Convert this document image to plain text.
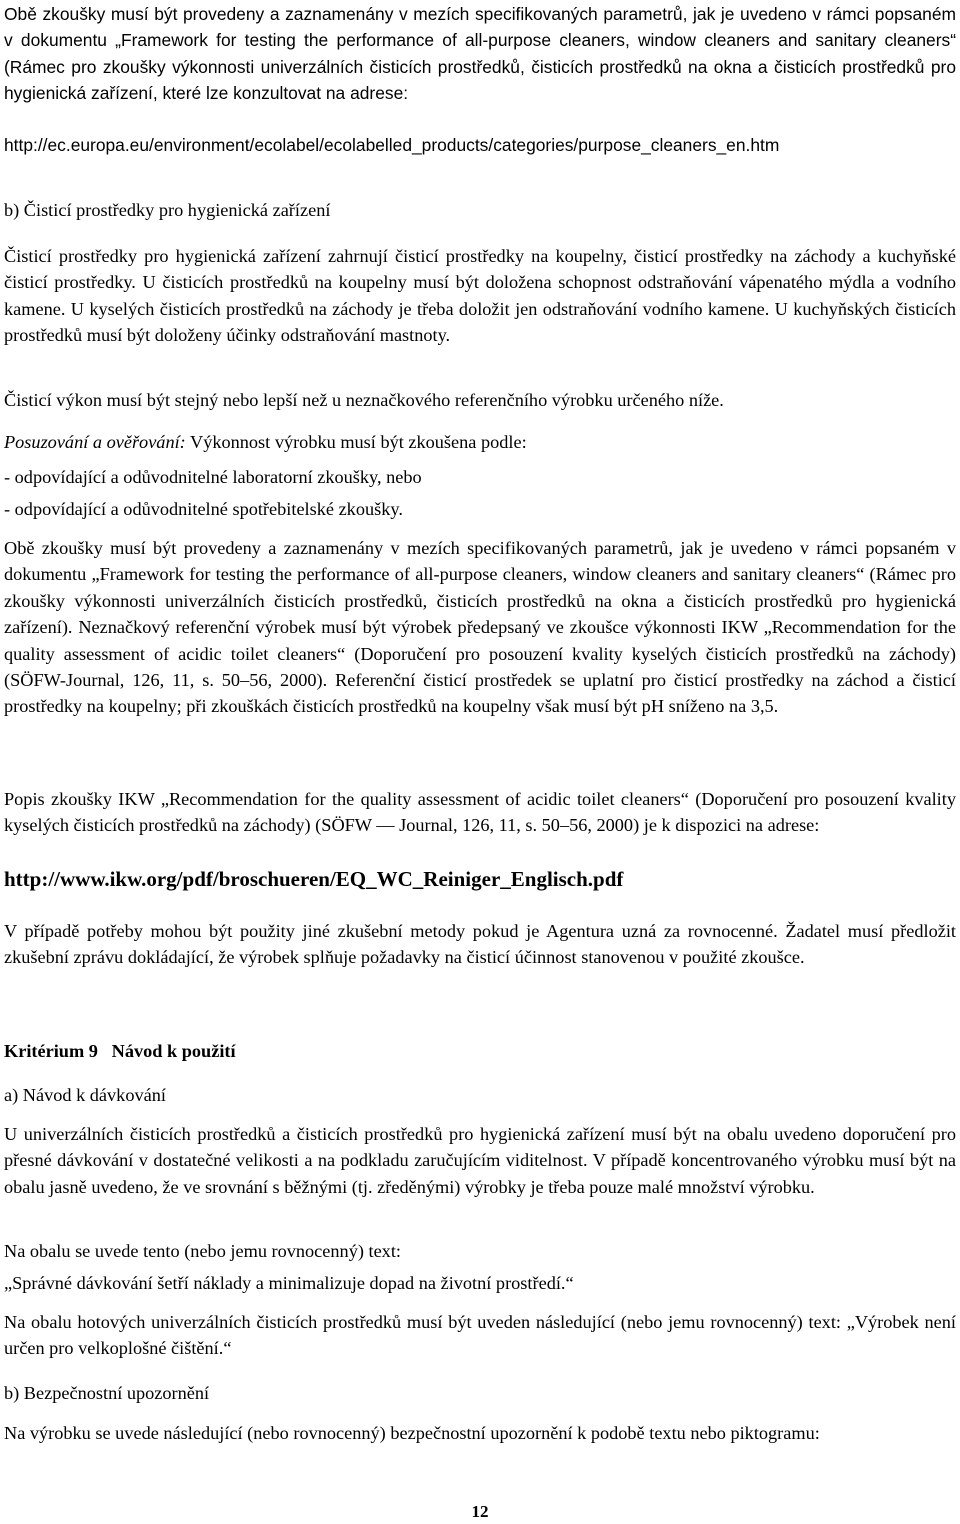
Obě zkoušky musí být provedeny a zaznamenány v mezích specifikovaných parametrů, jak je uvedeno v rámci popsaném v dokumentu „Framework for testing the performance of all-purpose cleaners, window cleaners and sanitary cleaners“ (Rámec pro zkoušky výkonnosti univerzálních čisticích prostředků, čisticích prostředků na okna a čisticích prostředků pro hygienická zařízení, které lze konzultovat na adrese:

http://ec.europa.eu/environment/ecolabel/ecolabelled_products/categories/purpose_cleaners_en.htm

b) Čisticí prostředky pro hygienická zařízení

Čisticí prostředky pro hygienická zařízení zahrnují čisticí prostředky na koupelny, čisticí prostředky na záchody a kuchyňské čisticí prostředky. U čisticích prostředků na koupelny musí být doložena schopnost odstraňování vápenatého mýdla a vodního kamene. U kyselých čisticích prostředků na záchody je třeba doložit jen odstraňování vodního kamene. U kuchyňských čisticích prostředků musí být doloženy účinky odstraňování mastnoty.

Čisticí výkon musí být stejný nebo lepší než u neznačkového referenčního výrobku určeného níže.

Posuzování a ověřování: Výkonnost výrobku musí být zkoušena podle:

- odpovídající a odůvodnitelné laboratorní zkoušky, nebo

- odpovídající a odůvodnitelné spotřebitelské zkoušky.

Obě zkoušky musí být provedeny a zaznamenány v mezích specifikovaných parametrů, jak je uvedeno v rámci popsaném v dokumentu „Framework for testing the performance of all-purpose cleaners, window cleaners and sanitary cleaners“ (Rámec pro zkoušky výkonnosti univerzálních čisticích prostředků, čisticích prostředků na okna a čisticích prostředků pro hygienická zařízení). Neznačkový referenční výrobek musí být výrobek předepsaný ve zkoušce výkonnosti IKW „Recommendation for the quality assessment of acidic toilet cleaners“ (Doporučení pro posouzení kvality kyselých čisticích prostředků na záchody) (SÖFW-Journal, 126, 11, s. 50–56, 2000). Referenční čisticí prostředek se uplatní pro čisticí prostředky na záchod a čisticí prostředky na koupelny; při zkouškách čisticích prostředků na koupelny však musí být pH sníženo na 3,5.

Popis zkoušky IKW „Recommendation for the quality assessment of acidic toilet cleaners“ (Doporučení pro posouzení kvality kyselých čisticích prostředků na záchody) (SÖFW — Journal, 126, 11, s. 50–56, 2000) je k dispozici na adrese:

http://www.ikw.org/pdf/broschueren/EQ_WC_Reiniger_Englisch.pdf

V případě potřeby mohou být použity jiné zkušební metody pokud je Agentura uzná za rovnocenné. Žadatel musí předložit zkušební zprávu dokládající, že výrobek splňuje požadavky na čisticí účinnost stanovenou v použité zkoušce.

Kritérium 9   Návod k použití

a) Návod k dávkování

U univerzálních čisticích prostředků a čisticích prostředků pro hygienická zařízení musí být na obalu uvedeno doporučení pro přesné dávkování v dostatečné velikosti a na podkladu zaručujícím viditelnost. V případě koncentrovaného výrobku musí být na obalu jasně uvedeno, že ve srovnání s běžnými (tj. zředěnými) výrobky je třeba pouze malé množství výrobku.

Na obalu se uvede tento (nebo jemu rovnocenný) text:

„Správné dávkování šetří náklady a minimalizuje dopad na životní prostředí.“

Na obalu hotových univerzálních čisticích prostředků musí být uveden následující (nebo jemu rovnocenný) text: „Výrobek není určen pro velkoplošné čištění.“

b) Bezpečnostní upozornění

Na výrobku se uvede následující (nebo rovnocenný) bezpečnostní upozornění k podobě textu nebo piktogramu:

12
